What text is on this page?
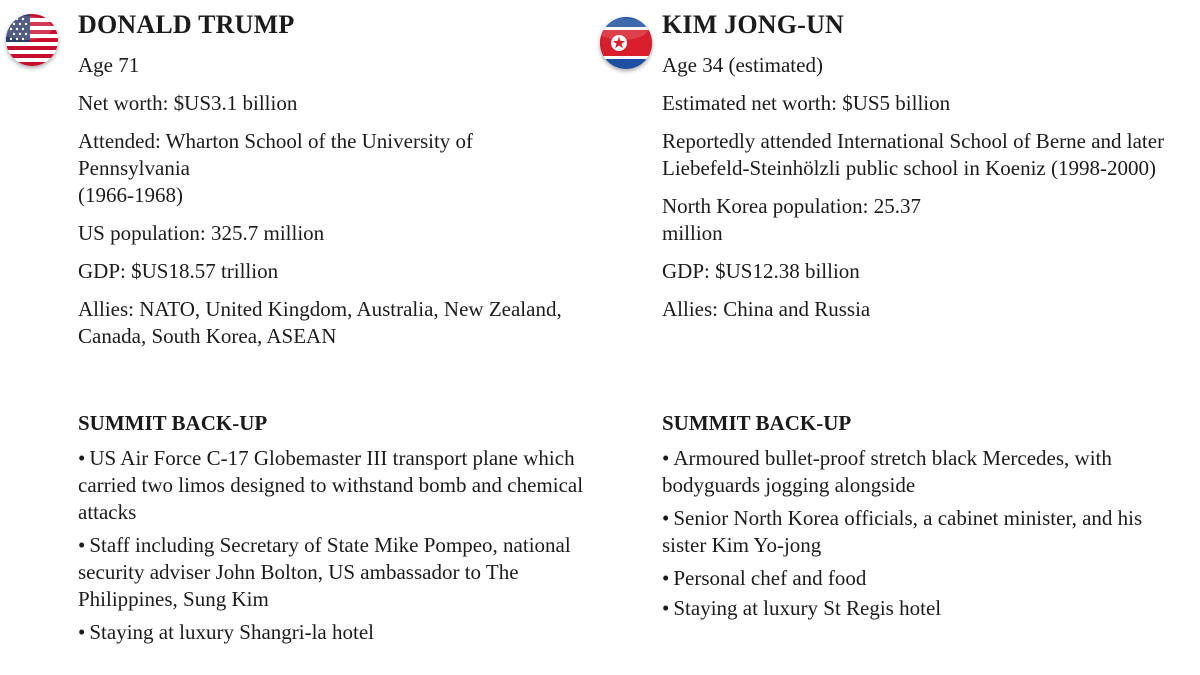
DONALD TRUMP
Age 71
Net worth: $US3.1 billion
Attended: Wharton School of the University of Pennsylvania
(1966-1968)
US population: 325.7 million
GDP: $US18.57 trillion
Allies: NATO, United Kingdom, Australia, New Zealand, Canada, South Korea, ASEAN
SUMMIT BACK-UP
• US Air Force C-17 Globemaster III transport plane which carried two limos designed to withstand bomb and chemical attacks
• Staff including Secretary of State Mike Pompeo, national security adviser John Bolton, US ambassador to The Philippines, Sung Kim
• Staying at luxury Shangri-la hotel
KIM JONG-UN
Age 34 (estimated)
Estimated net worth: $US5 billion
Reportedly attended International School of Berne and later Liebefeld-Steinhölzli public school in Koeniz (1998-2000)
North Korea population: 25.37 million
GDP: $US12.38 billion
Allies: China and Russia
SUMMIT BACK-UP
• Armoured bullet-proof stretch black Mercedes, with bodyguards jogging alongside
• Senior North Korea officials, a cabinet minister, and his sister Kim Yo-jong
• Personal chef and food
• Staying at luxury St Regis hotel
